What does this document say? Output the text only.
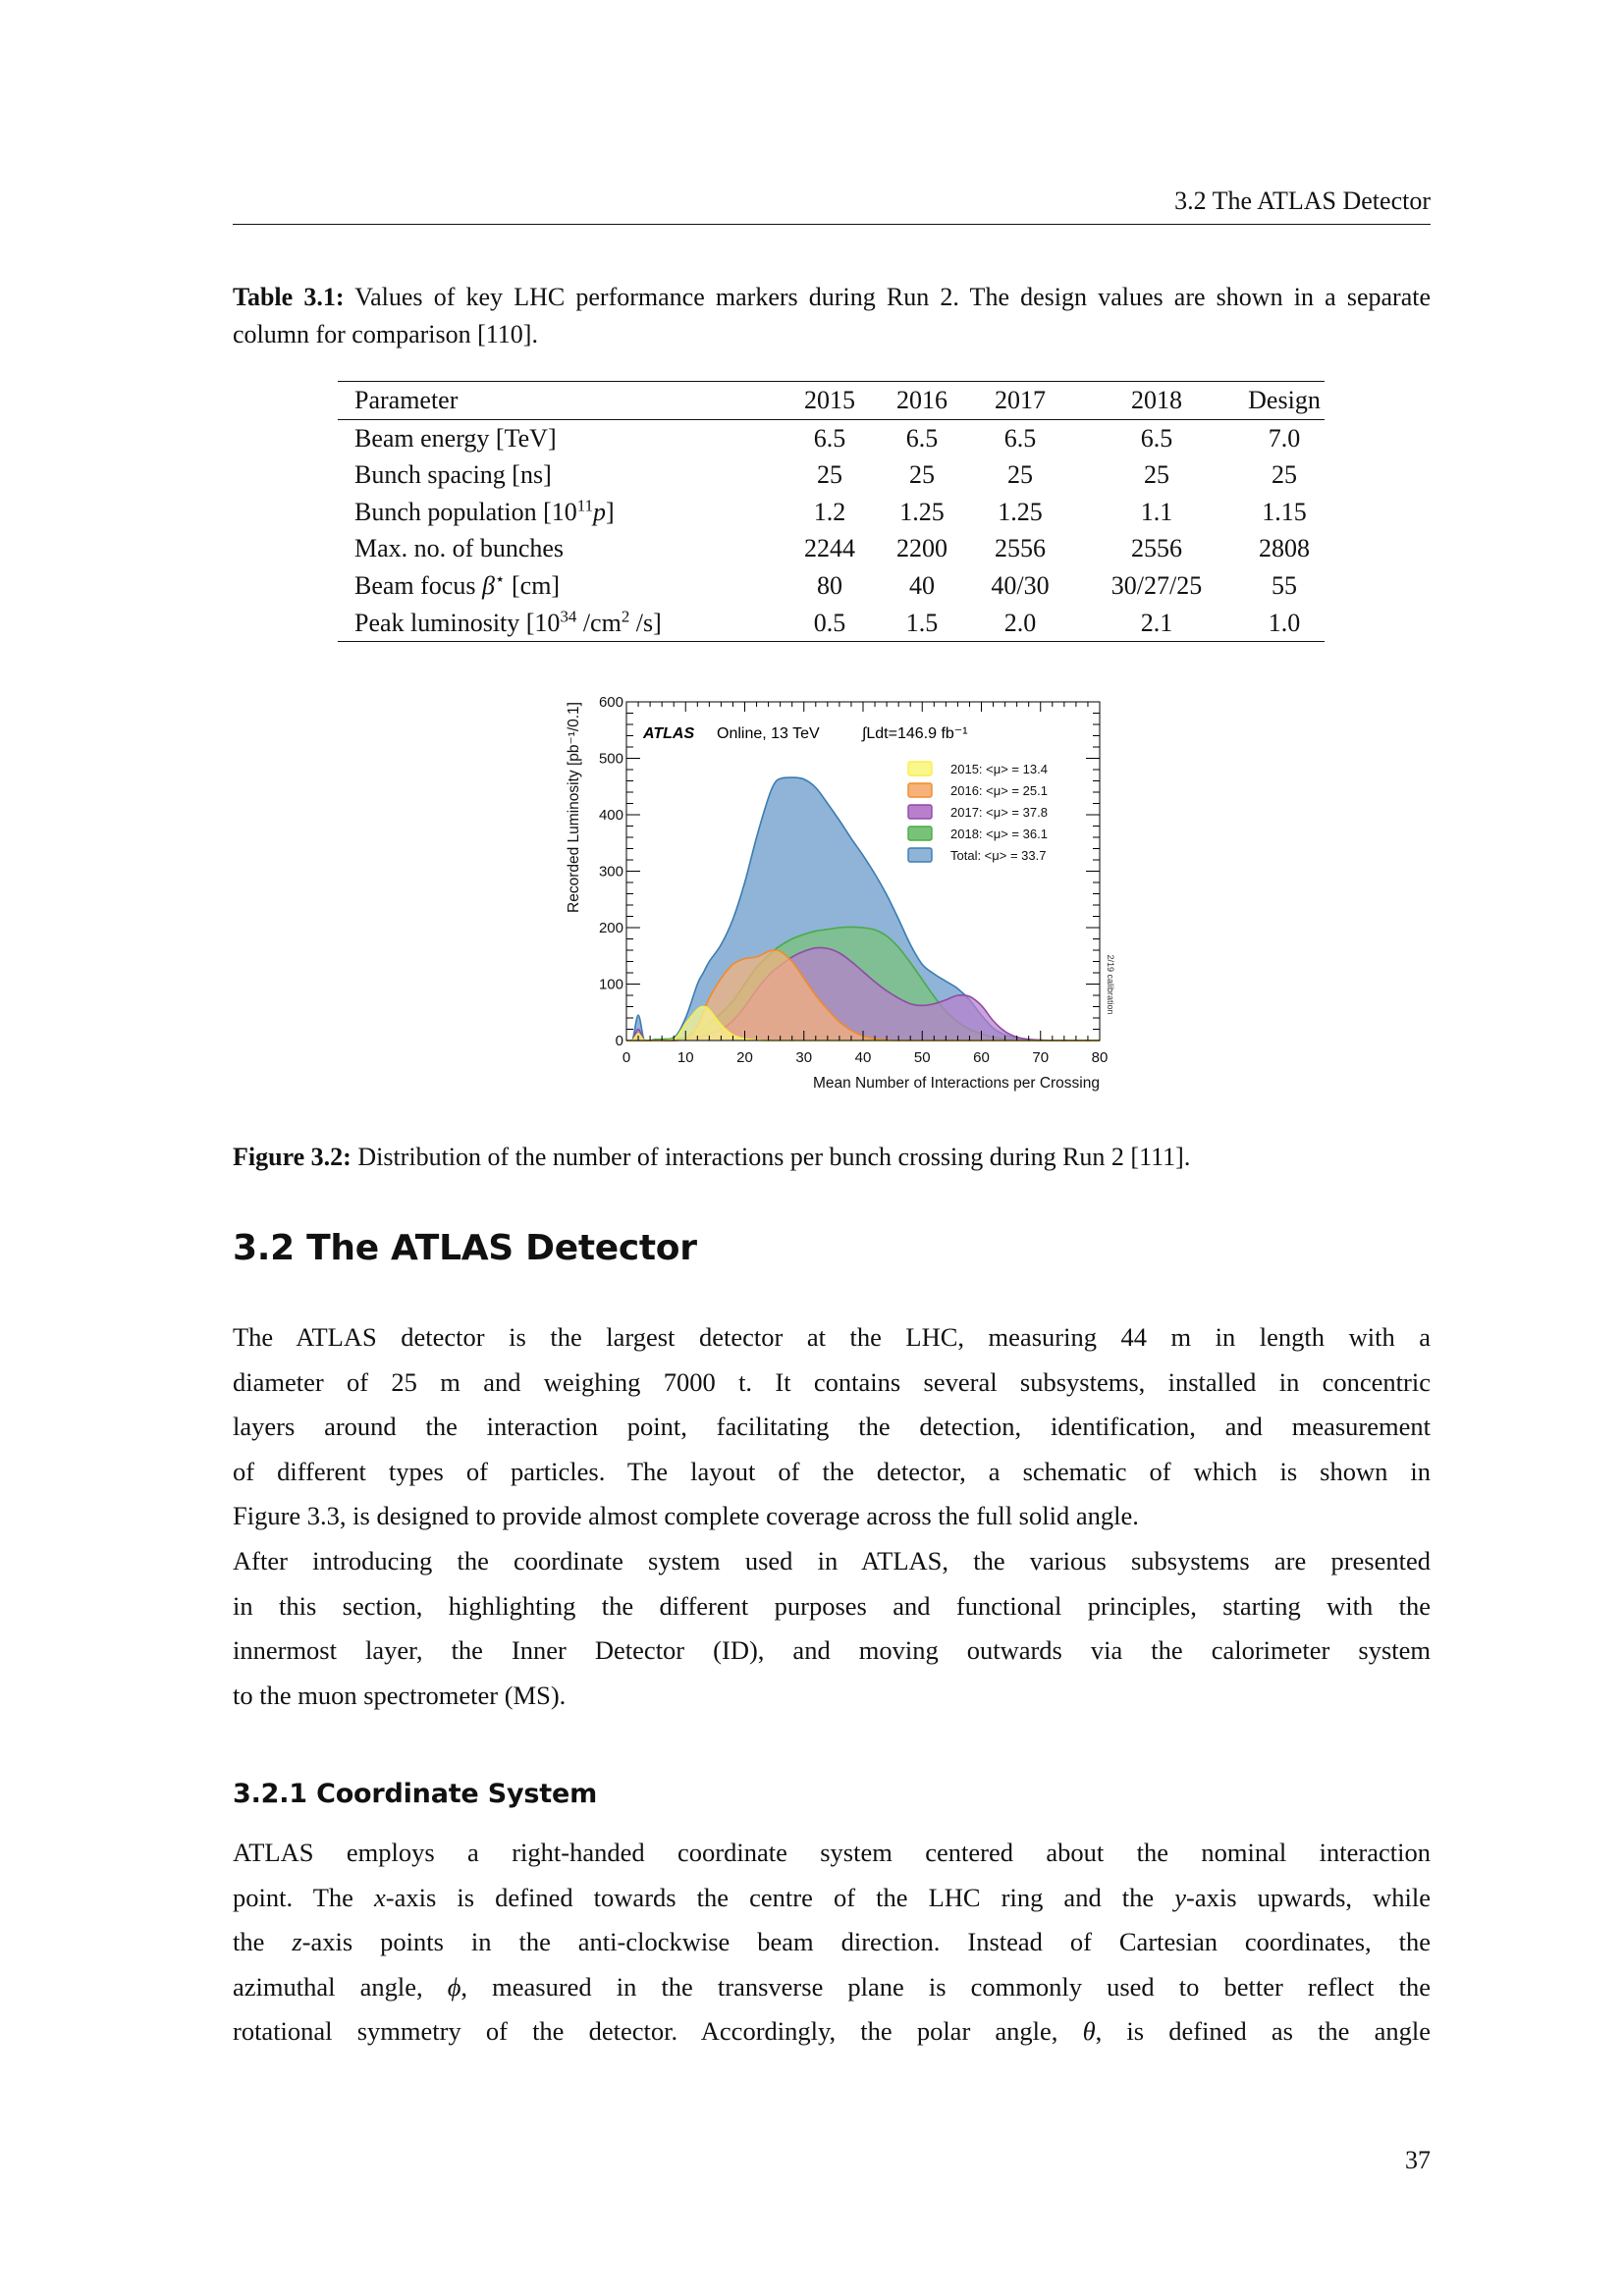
3.2 The ATLAS Detector
Table 3.1: Values of key LHC performance markers during Run 2. The design values are shown in a separate column for comparison [110].
Parameter	2015	2016	2017	2018	Design
Beam energy [TeV]	6.5	6.5	6.5	6.5	7.0
Bunch spacing [ns]	25	25	25	25	25
Bunch population $[10^{11}p]$	1.2	1.25	1.25	1.1	1.15
Max. no. of bunches	2244	2200	2556	2556	2808
Beam focus β⋆ [cm]	80	40	40/30	30/27/25	55
Peak luminosity [$10^{34}$ $/cm^2$ /s]	0.5	1.5	2.0	2.1	1.0
0	10	20	30	40	50	60	70	80
0
100
200
300
400
500
600
Mean Number of Interactions per Crossing
Recorded Luminosity [pb⁻¹/0.1]	ATLAS Online, 13 TeV	∫Ldt=146.9 fb⁻¹
2/19 calibration
2015: <μ> = 13.4
2016: <μ> = 25.1
2017: <μ> = 37.8
2018: <μ> = 36.1
Total: <μ> = 33.7
Figure 3.2: Distribution of the number of interactions per bunch crossing during Run 2 [111].
3.2 The ATLAS Detector
The ATLAS detector is the largest detector at the LHC, measuring 44 m in length with a
diameter of 25 m and weighing 7000 t. It contains several subsystems, installed in concentric
layers around the interaction point, facilitating the detection, identification, and measurement
of different types of particles. The layout of the detector, a schematic of which is shown in
Figure 3.3, is designed to provide almost complete coverage across the full solid angle.
After introducing the coordinate system used in ATLAS, the various subsystems are presented
in this section, highlighting the different purposes and functional principles, starting with the
innermost layer, the Inner Detector (ID), and moving outwards via the calorimeter system
to the muon spectrometer (MS).
3.2.1 Coordinate System
ATLAS employs a right-handed coordinate system centered about the nominal interaction
point. The x-axis is defined towards the centre of the LHC ring and the y-axis upwards, while
the z-axis points in the anti-clockwise beam direction. Instead of Cartesian coordinates, the
azimuthal angle, ϕ, measured in the transverse plane is commonly used to better reflect the
rotational symmetry of the detector. Accordingly, the polar angle, θ, is defined as the angle
37
